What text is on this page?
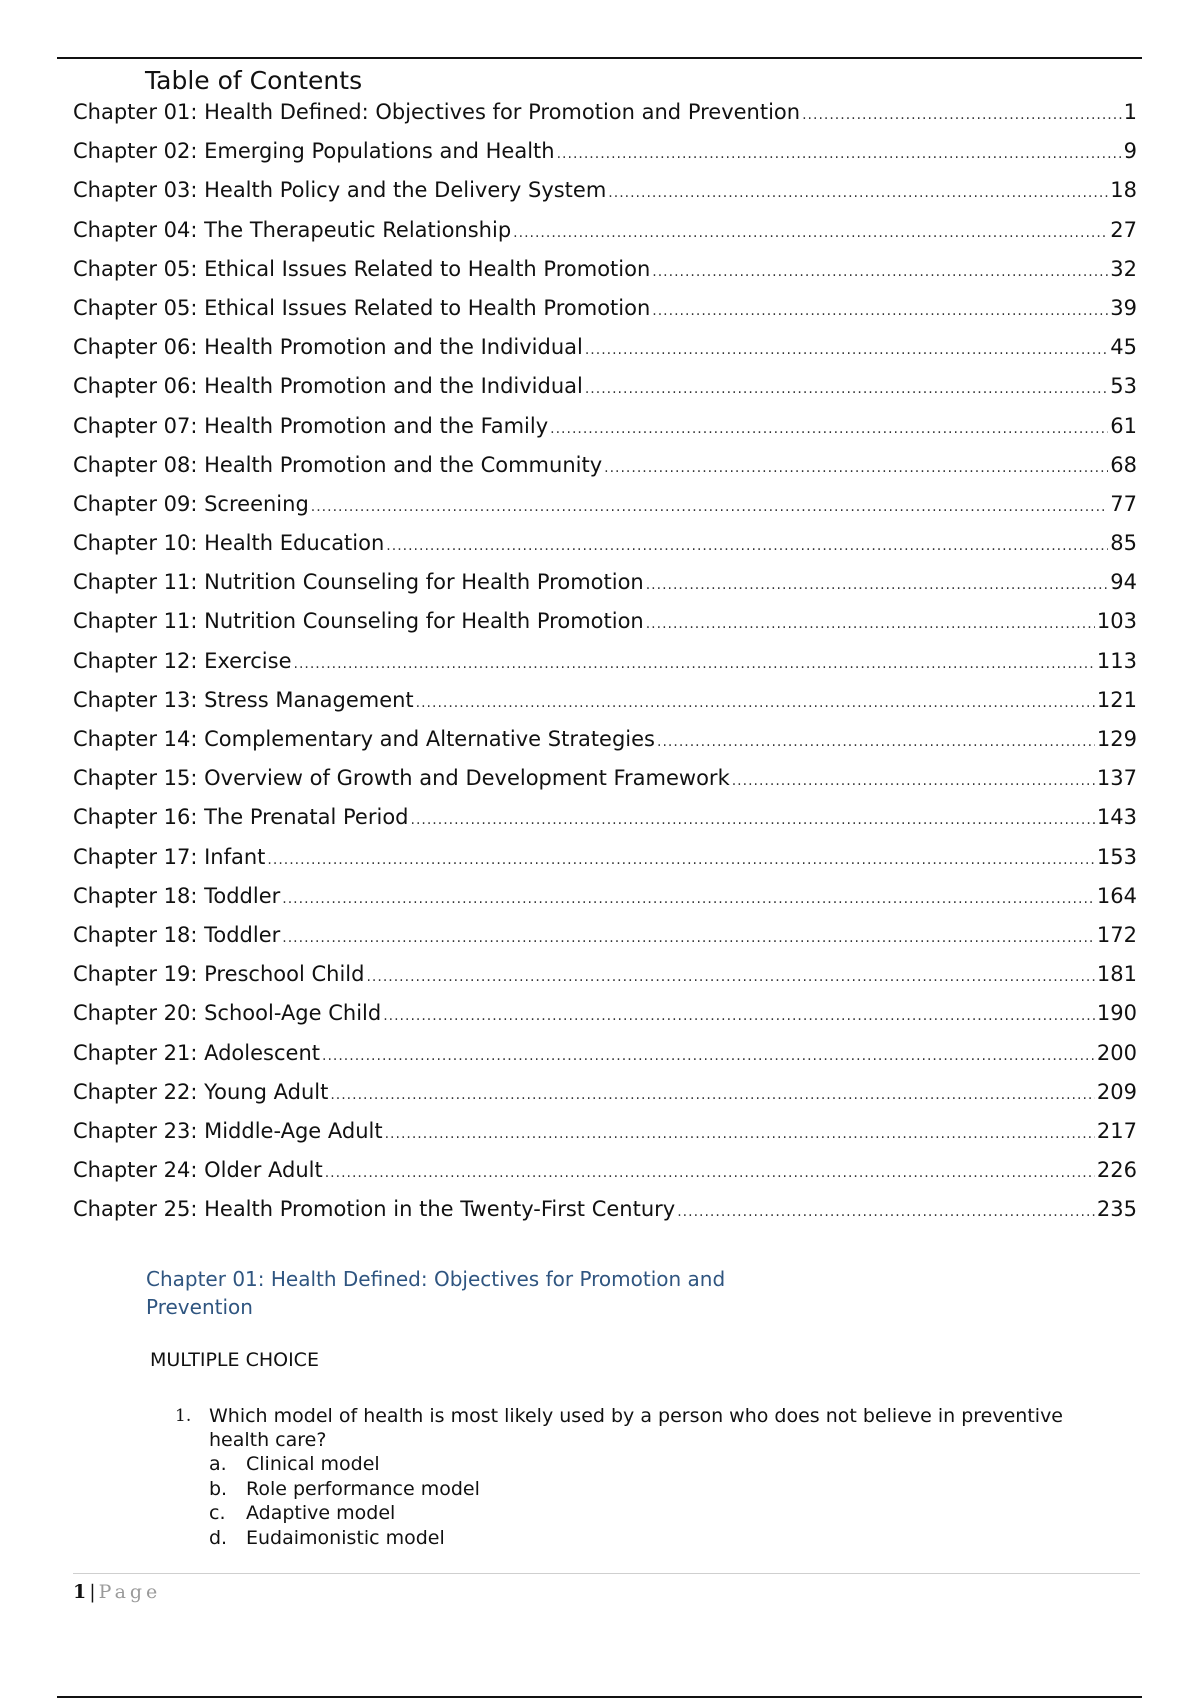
Table of Contents
Chapter 01: Health Defined: Objectives for Promotion and Prevention .....	1
Chapter 02: Emerging Populations and Health .....	9
Chapter 03: Health Policy and the Delivery System .....	18
Chapter 04: The Therapeutic Relationship .....	27
Chapter 05: Ethical Issues Related to Health Promotion .....	32
Chapter 05: Ethical Issues Related to Health Promotion .....	39
Chapter 06: Health Promotion and the Individual .....	45
Chapter 06: Health Promotion and the Individual .....	53
Chapter 07: Health Promotion and the Family .....	61
Chapter 08: Health Promotion and the Community .....	68
Chapter 09: Screening .....	77
Chapter 10: Health Education .....	85
Chapter 11: Nutrition Counseling for Health Promotion .....	94
Chapter 11: Nutrition Counseling for Health Promotion .....	103
Chapter 12: Exercise .....	113
Chapter 13: Stress Management .....	121
Chapter 14: Complementary and Alternative Strategies .....	129
Chapter 15: Overview of Growth and Development Framework .....	137
Chapter 16: The Prenatal Period .....	143
Chapter 17: Infant .....	153
Chapter 18: Toddler .....	164
Chapter 18: Toddler .....	172
Chapter 19: Preschool Child .....	181
Chapter 20: School-Age Child .....	190
Chapter 21: Adolescent .....	200
Chapter 22: Young Adult .....	209
Chapter 23: Middle-Age Adult .....	217
Chapter 24: Older Adult .....	226
Chapter 25: Health Promotion in the Twenty-First Century .....	235
Chapter 01: Health Defined: Objectives for Promotion and Prevention
MULTIPLE CHOICE
1. Which model of health is most likely used by a person who does not believe in preventive health care?
a.	Clinical model
b. Role performance model
c.	Adaptive model
d. Eudaimonistic model
1 | Page
